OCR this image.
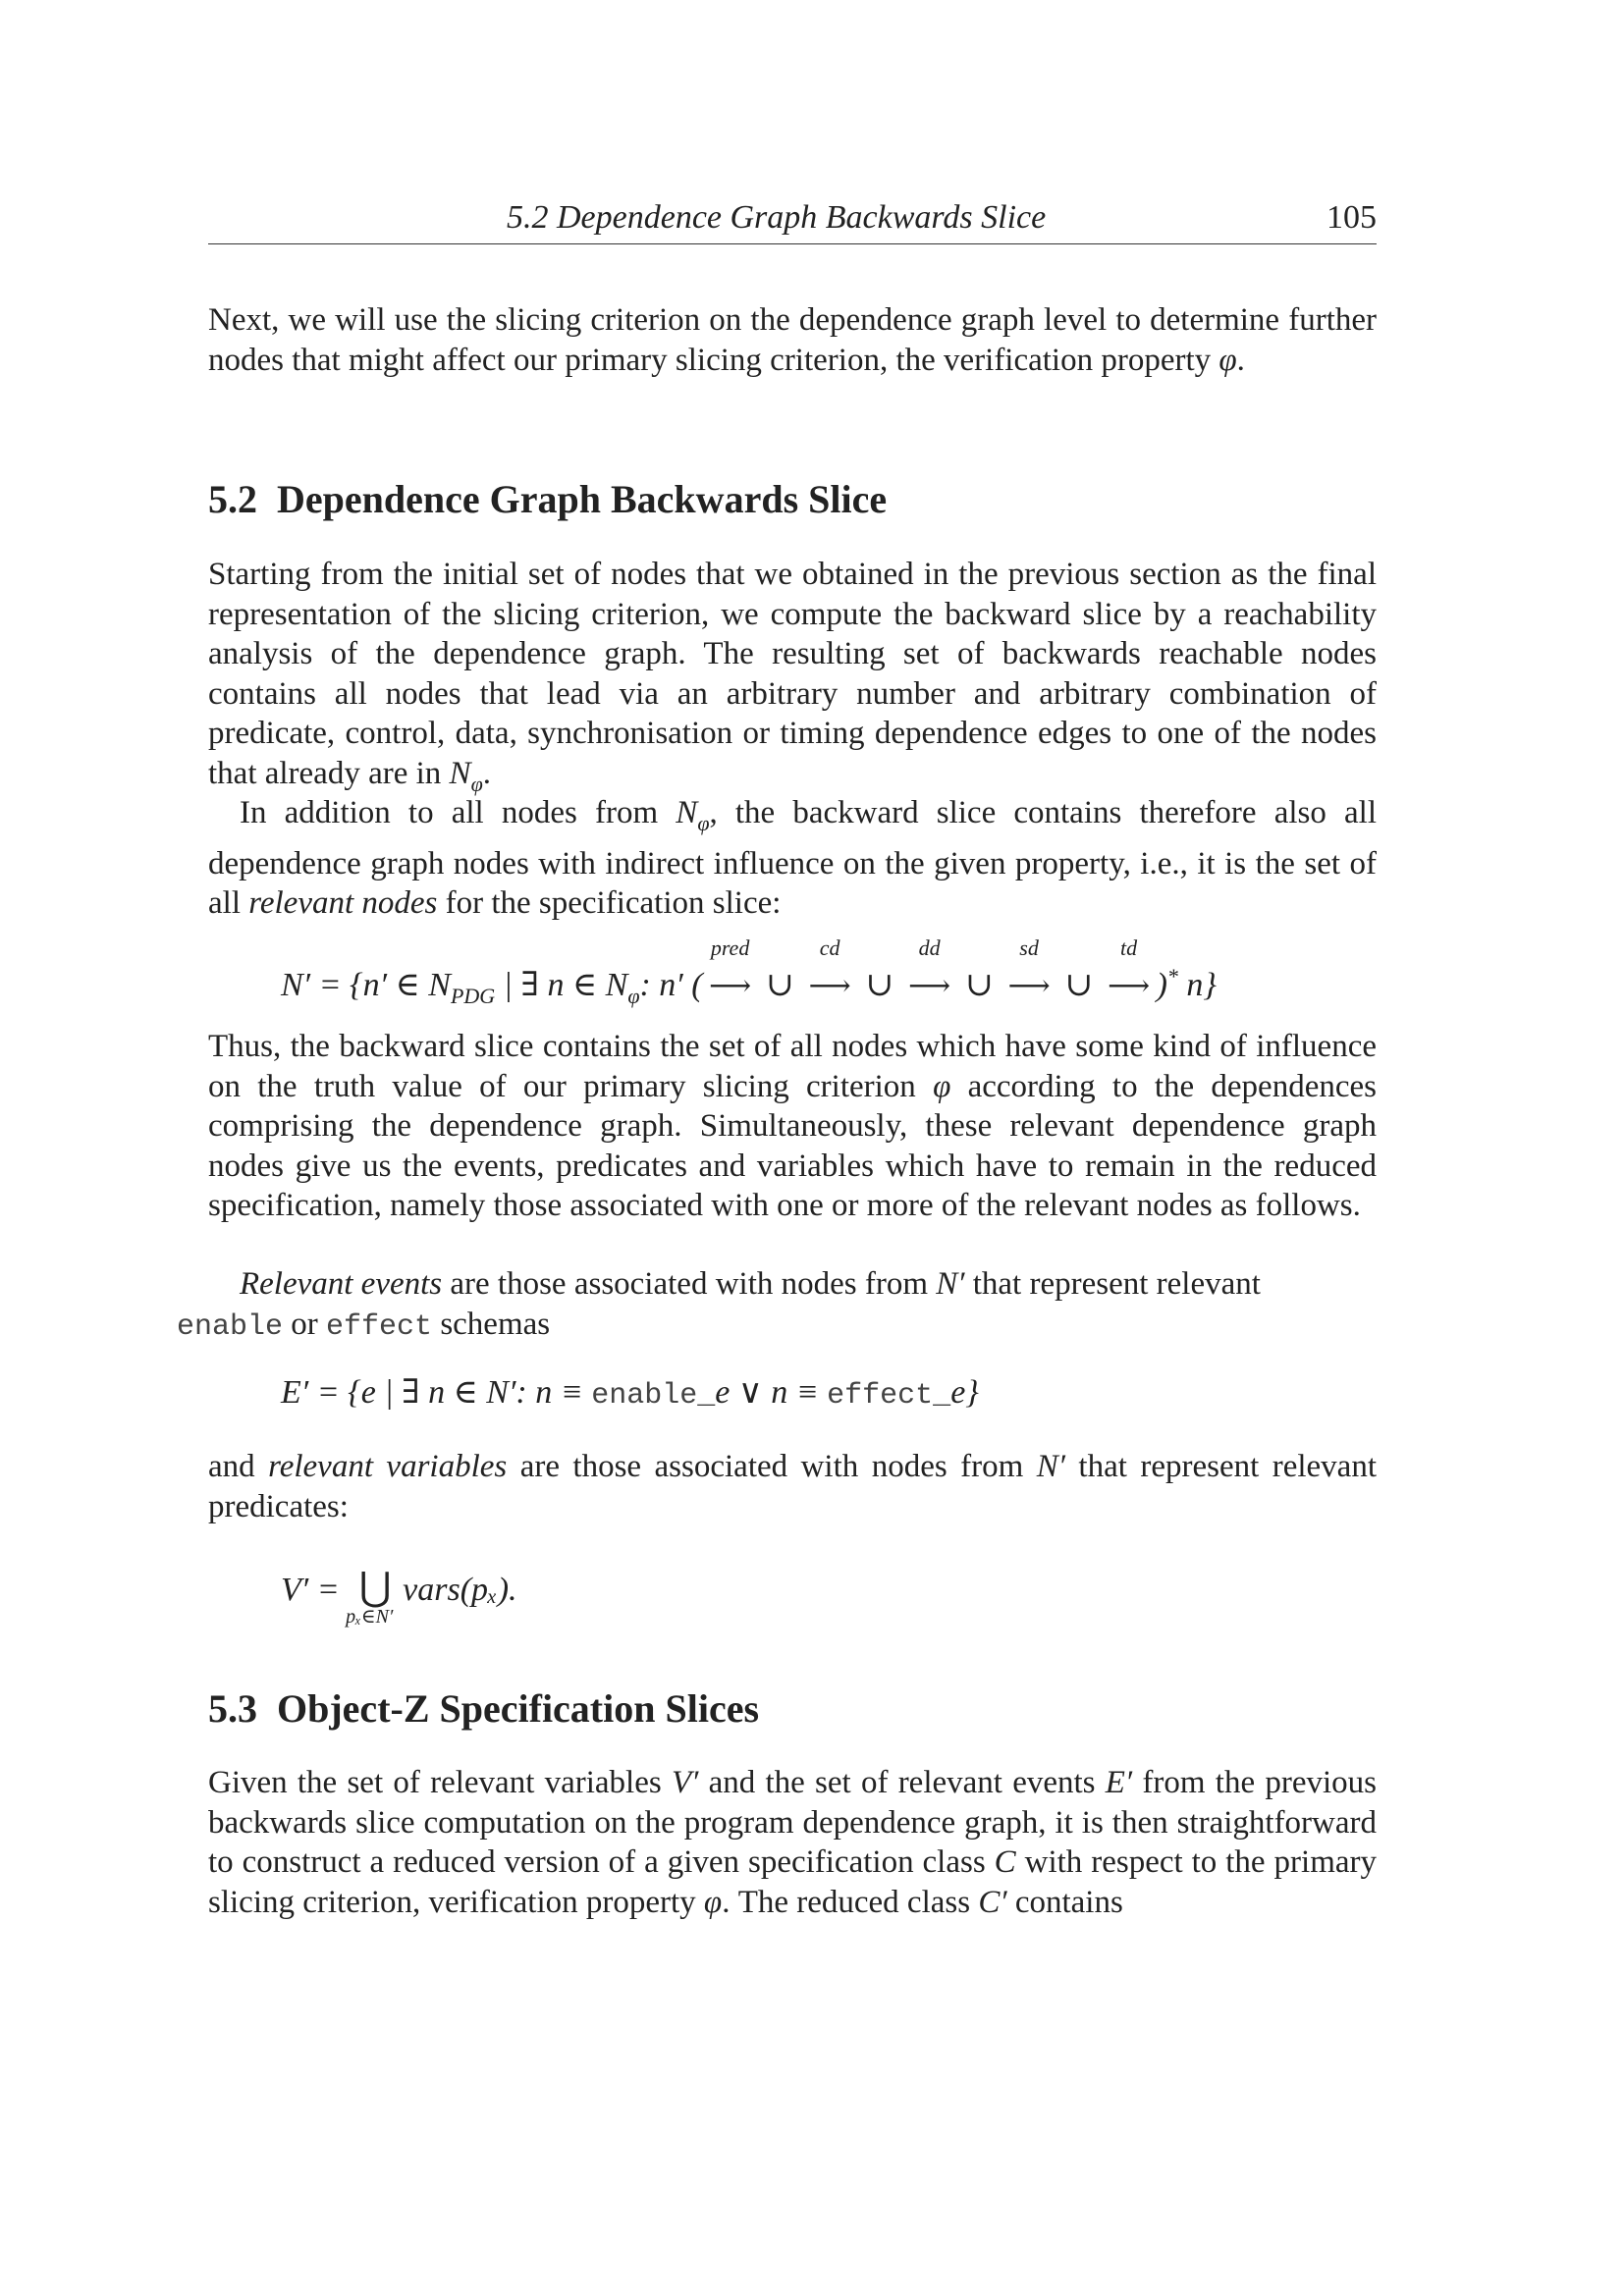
5.2 Dependence Graph Backwards Slice	105
Next, we will use the slicing criterion on the dependence graph level to determine further nodes that might affect our primary slicing criterion, the verification property φ.
5.2 Dependence Graph Backwards Slice
Starting from the initial set of nodes that we obtained in the previous section as the final representation of the slicing criterion, we compute the backward slice by a reachability analysis of the dependence graph. The resulting set of backwards reachable nodes contains all nodes that lead via an arbitrary number and arbitrary combination of predicate, control, data, synchronisation or timing dependence edges to one of the nodes that already are in $N_\varphi$.
In addition to all nodes from $N_\varphi$, the backward slice contains therefore also all dependence graph nodes with indirect influence on the given property, i.e., it is the set of all relevant nodes for the specification slice:
N′ = {n′ ∈ $N_{PDG}$ | ∃ n ∈ $N_\varphi$: n′ (
pred
⟶ ∪
cd
⟶ ∪
dd
⟶ ∪
sd
⟶ ∪
td
⟶ )* n}
Thus, the backward slice contains the set of all nodes which have some kind of influence on the truth value of our primary slicing criterion φ according to the dependences comprising the dependence graph. Simultaneously, these relevant dependence graph nodes give us the events, predicates and variables which have to remain in the reduced specification, namely those associated with one or more of the relevant nodes as follows.
Relevant events are those associated with nodes from N′ that represent relevant
enable or effect schemas
E′ = {e | ∃ n ∈ N′: n ≡ enable_e ∨ n ≡ effect_e}
and relevant variables are those associated with nodes from N′ that represent relevant predicates:
V′ = ⋃
pₓ∈N′
vars(pₓ).
5.3 Object-Z Specification Slices
Given the set of relevant variables V′ and the set of relevant events E′ from the previous backwards slice computation on the program dependence graph, it is then straightforward to construct a reduced version of a given specification class C with respect to the primary slicing criterion, verification property φ. The reduced class C′ contains
